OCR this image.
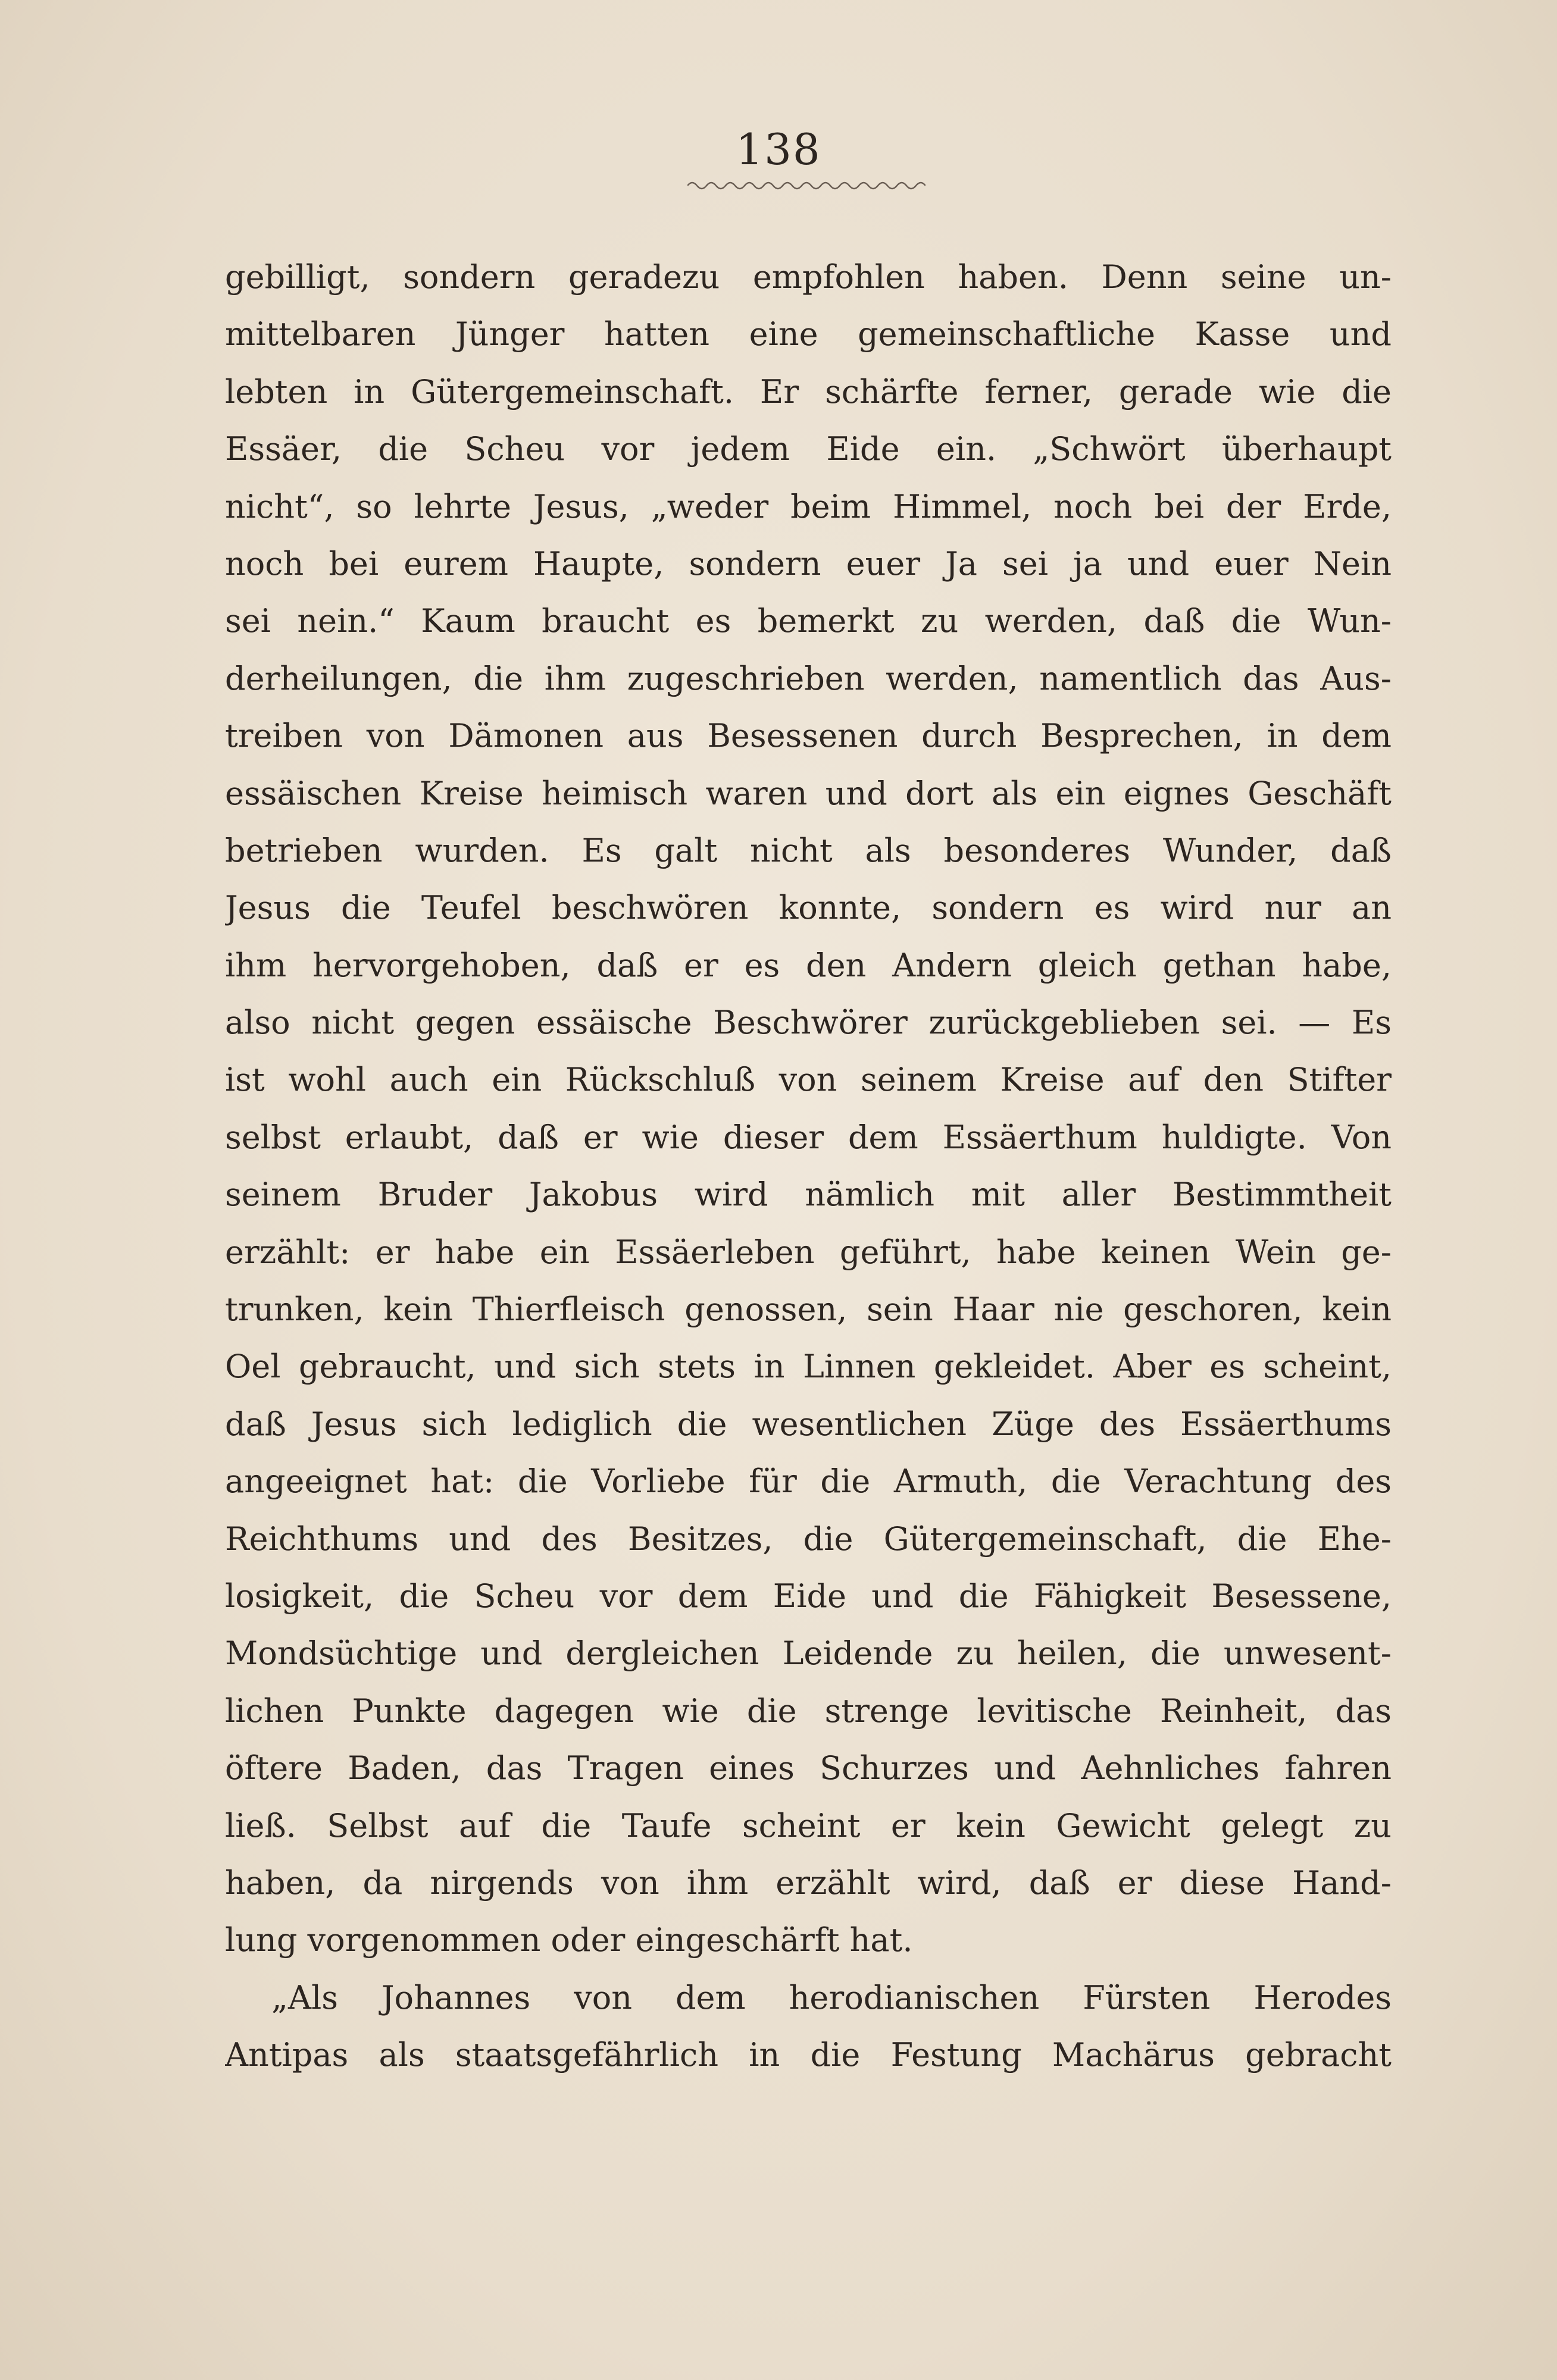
138
gebilligt, sondern geradezu empfohlen haben. Denn seine un-
mittelbaren Jünger hatten eine gemeinschaftliche Kasse und
lebten in Gütergemeinschaft. Er schärfte ferner, gerade wie die
Essäer, die Scheu vor jedem Eide ein. „Schwört überhaupt
nicht“, so lehrte Jesus, „weder beim Himmel, noch bei der Erde,
noch bei eurem Haupte, sondern euer Ja sei ja und euer Nein
sei nein.“ Kaum braucht es bemerkt zu werden, daß die Wun-
derheilungen, die ihm zugeschrieben werden, namentlich das Aus-
treiben von Dämonen aus Besessenen durch Besprechen, in dem
essäischen Kreise heimisch waren und dort als ein eignes Geschäft
betrieben wurden. Es galt nicht als besonderes Wunder, daß
Jesus die Teufel beschwören konnte, sondern es wird nur an
ihm hervorgehoben, daß er es den Andern gleich gethan habe,
also nicht gegen essäische Beschwörer zurückgeblieben sei. — Es
ist wohl auch ein Rückschluß von seinem Kreise auf den Stifter
selbst erlaubt, daß er wie dieser dem Essäerthum huldigte. Von
seinem Bruder Jakobus wird nämlich mit aller Bestimmtheit
erzählt: er habe ein Essäerleben geführt, habe keinen Wein ge-
trunken, kein Thierfleisch genossen, sein Haar nie geschoren, kein
Oel gebraucht, und sich stets in Linnen gekleidet. Aber es scheint,
daß Jesus sich lediglich die wesentlichen Züge des Essäerthums
angeeignet hat: die Vorliebe für die Armuth, die Verachtung des
Reichthums und des Besitzes, die Gütergemeinschaft, die Ehe-
losigkeit, die Scheu vor dem Eide und die Fähigkeit Besessene,
Mondsüchtige und dergleichen Leidende zu heilen, die unwesent-
lichen Punkte dagegen wie die strenge levitische Reinheit, das
öftere Baden, das Tragen eines Schurzes und Aehnliches fahren
ließ. Selbst auf die Taufe scheint er kein Gewicht gelegt zu
haben, da nirgends von ihm erzählt wird, daß er diese Hand-
lung vorgenommen oder eingeschärft hat.
„Als Johannes von dem herodianischen Fürsten Herodes
Antipas als staatsgefährlich in die Festung Machärus gebracht
